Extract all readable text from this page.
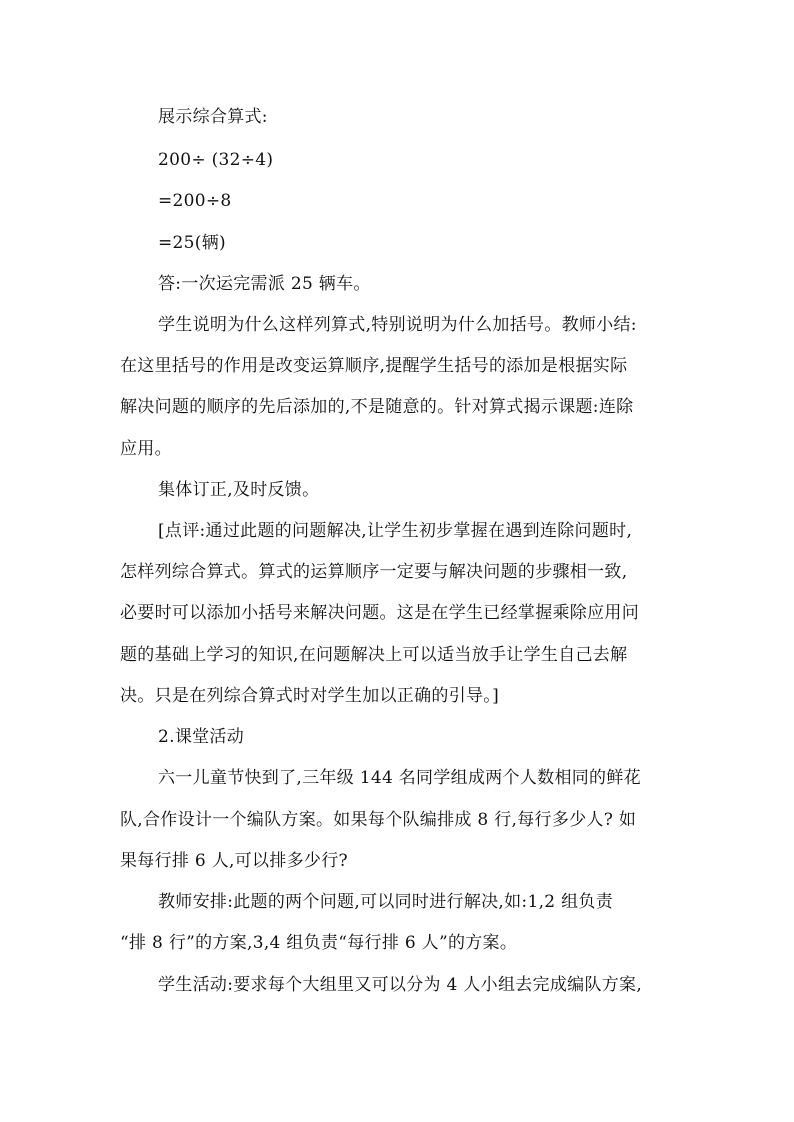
展示综合算式:
200÷ (32÷4)
=200÷8
=25(辆)
答:一次运完需派 25 辆车。
学生说明为什么这样列算式,特别说明为什么加括号。教师小结:
在这里括号的作用是改变运算顺序,提醒学生括号的添加是根据实际
解决问题的顺序的先后添加的,不是随意的。针对算式揭示课题:连除
应用。
集体订正,及时反馈。
[点评:通过此题的问题解决,让学生初步掌握在遇到连除问题时,
怎样列综合算式。算式的运算顺序一定要与解决问题的步骤相一致,
必要时可以添加小括号来解决问题。这是在学生已经掌握乘除应用问
题的基础上学习的知识,在问题解决上可以适当放手让学生自己去解
决。只是在列综合算式时对学生加以正确的引导。]
2.课堂活动
六一儿童节快到了,三年级 144 名同学组成两个人数相同的鲜花
队,合作设计一个编队方案。如果每个队编排成 8 行,每行多少人? 如
果每行排 6 人,可以排多少行?
教师安排:此题的两个问题,可以同时进行解决,如:1,2 组负责
“排 8 行”的方案,3,4 组负责“每行排 6 人”的方案。
学生活动:要求每个大组里又可以分为 4 人小组去完成编队方案,
